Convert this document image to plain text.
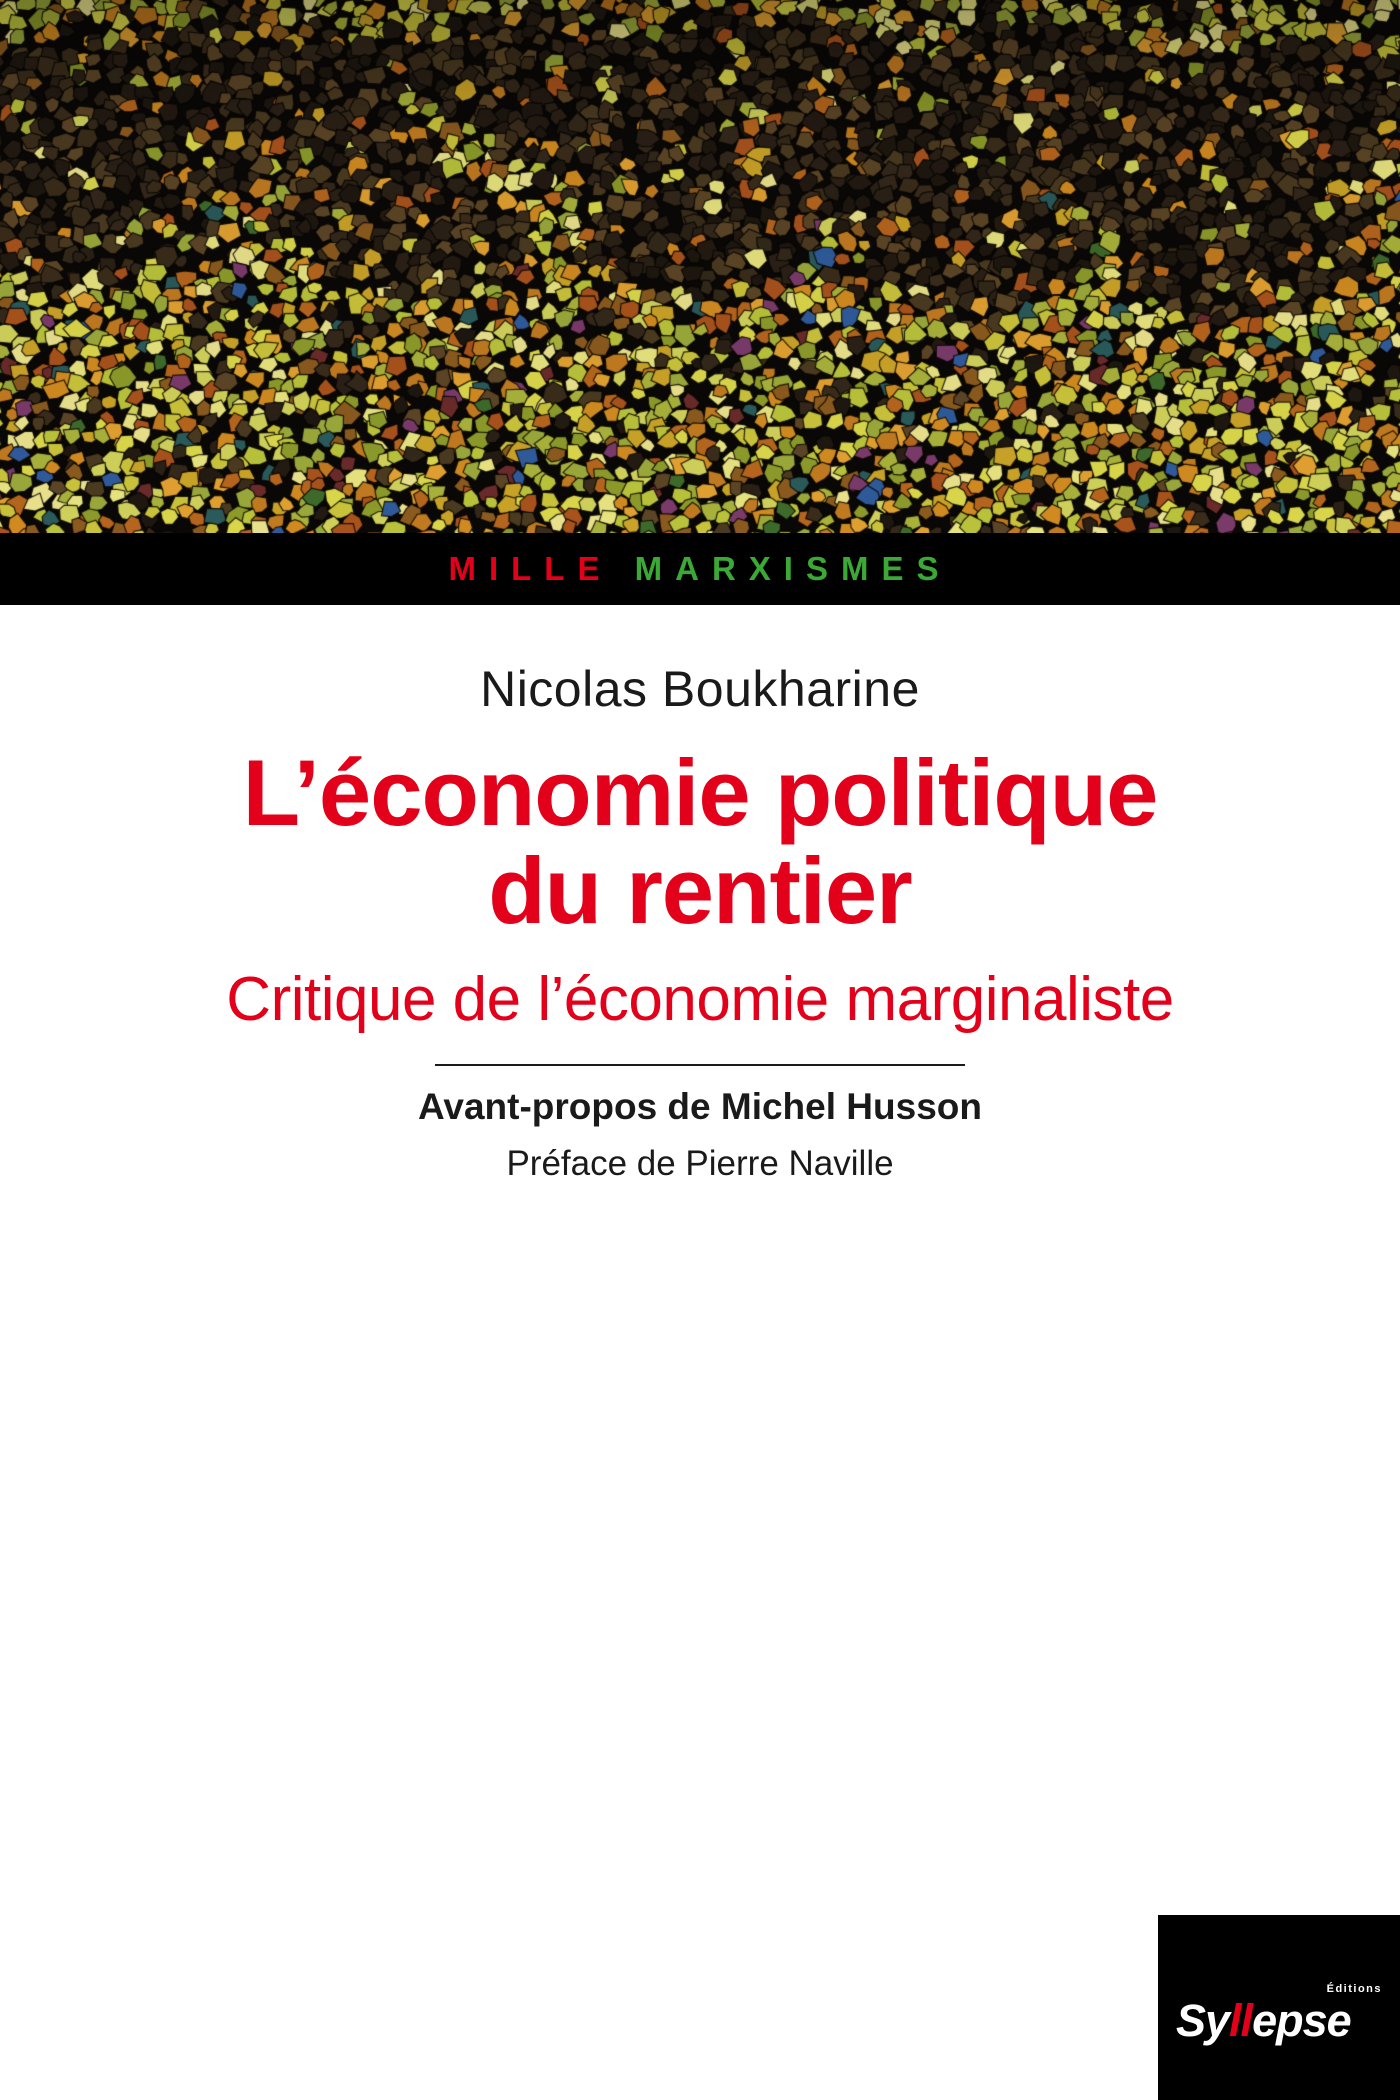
MILLE MARXISMES
Nicolas Boukharine
L’économie politique
du rentier
Critique de l’économie marginaliste
Avant-propos de Michel Husson
Préface de Pierre Naville
Éditions
Syllepse
